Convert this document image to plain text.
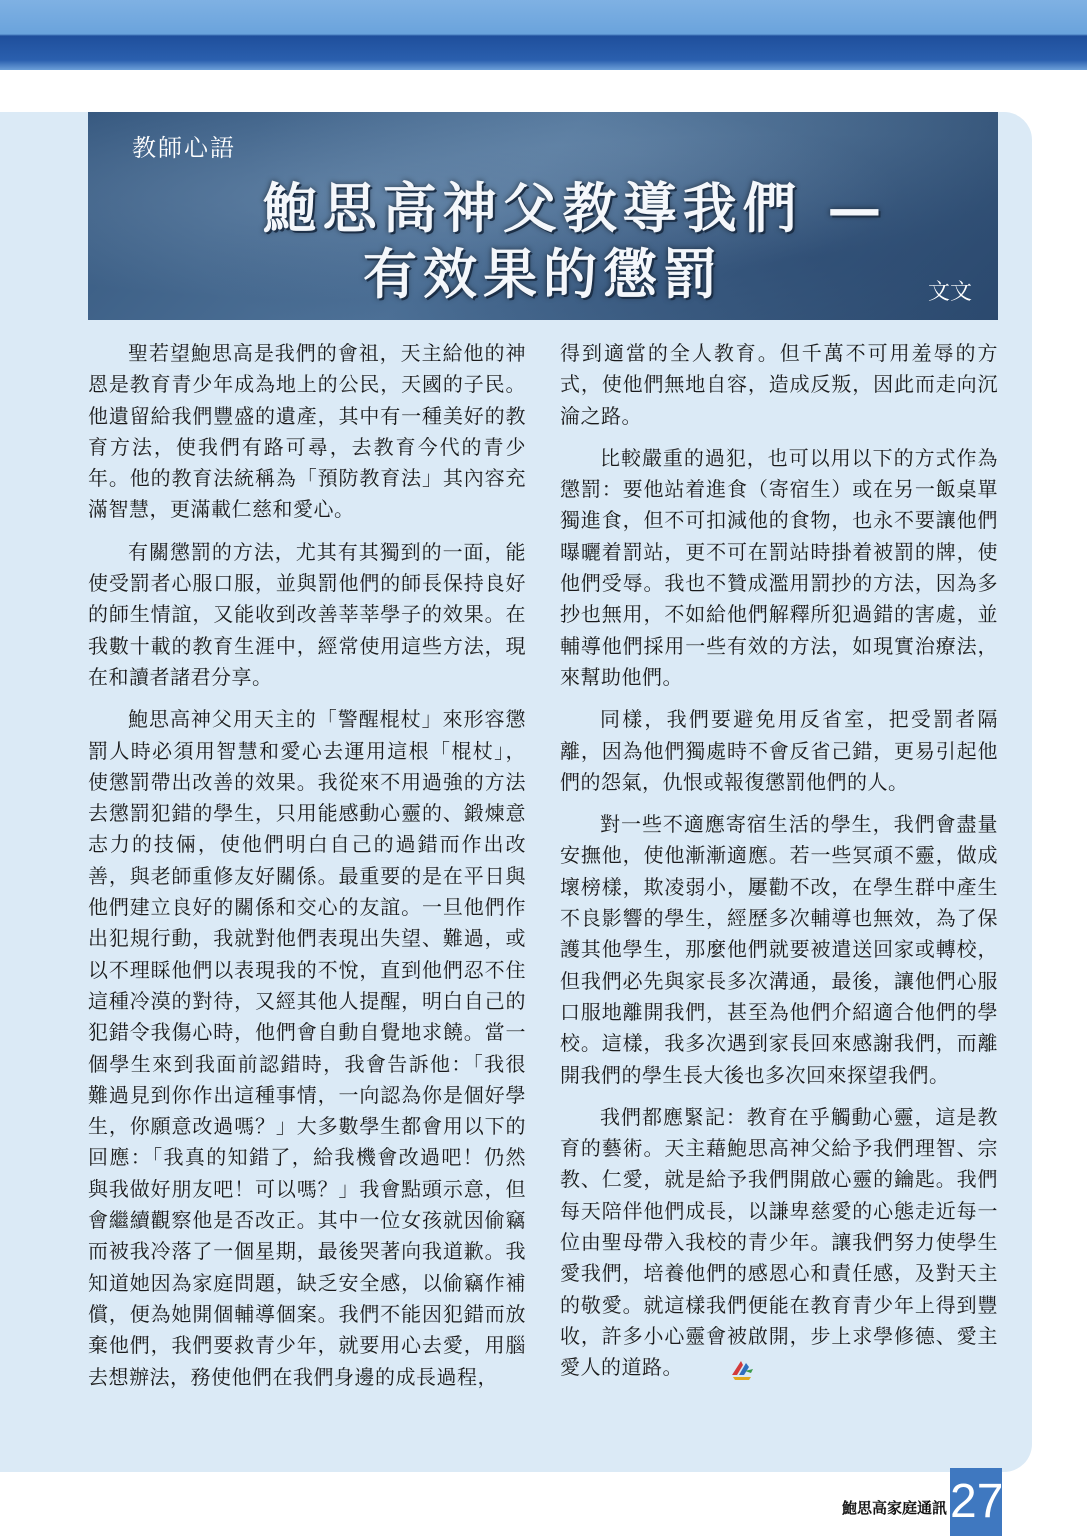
教師心語
鮑思高神父教導我們 —
有效果的懲罰	文文

聖若望鮑思高是我們的會祖，天主給他的神恩是教育青少年成為地上的公民，天國的子民。他遺留給我們豐盛的遺產，其中有一種美好的教育方法，使我們有路可尋，去教育今代的青少年。他的教育法統稱為「預防教育法」其內容充滿智慧，更滿載仁慈和愛心。

有關懲罰的方法，尤其有其獨到的一面，能使受罰者心服口服，並與罰他們的師長保持良好的師生情誼，又能收到改善莘莘學子的效果。在我數十載的教育生涯中，經常使用這些方法，現在和讀者諸君分享。

鮑思高神父用天主的「警醒棍杖」來形容懲罰人時必須用智慧和愛心去運用這根「棍杖」，使懲罰帶出改善的效果。我從來不用過強的方法去懲罰犯錯的學生，只用能感動心靈的、鍛煉意志力的技倆，使他們明白自己的過錯而作出改善，與老師重修友好關係。最重要的是在平日與他們建立良好的關係和交心的友誼。一旦他們作出犯規行動，我就對他們表現出失望、難過，或以不理睬他們以表現我的不悅，直到他們忍不住這種冷漠的對待，又經其他人提醒，明白自己的犯錯令我傷心時，他們會自動自覺地求饒。當一個學生來到我面前認錯時，我會告訴他：「我很難過見到你作出這種事情，一向認為你是個好學生，你願意改過嗎？」大多數學生都會用以下的回應：「我真的知錯了，給我機會改過吧！仍然與我做好朋友吧！可以嗎？」我會點頭示意，但會繼續觀察他是否改正。其中一位女孩就因偷竊而被我冷落了一個星期，最後哭著向我道歉。我知道她因為家庭問題，缺乏安全感，以偷竊作補償，便為她開個輔導個案。我們不能因犯錯而放棄他們，我們要救青少年，就要用心去愛，用腦去想辦法，務使他們在我們身邊的成長過程，

得到適當的全人教育。但千萬不可用羞辱的方式，使他們無地自容，造成反叛，因此而走向沉淪之路。

比較嚴重的過犯，也可以用以下的方式作為懲罰：要他站着進食（寄宿生）或在另一飯桌單獨進食，但不可扣減他的食物，也永不要讓他們曝曬着罰站，更不可在罰站時掛着被罰的牌，使他們受辱。我也不贊成濫用罰抄的方法，因為多抄也無用，不如給他們解釋所犯過錯的害處，並輔導他們採用一些有效的方法，如現實治療法，來幫助他們。

同樣，我們要避免用反省室，把受罰者隔離，因為他們獨處時不會反省己錯，更易引起他們的怨氣，仇恨或報復懲罰他們的人。

對一些不適應寄宿生活的學生，我們會盡量安撫他，使他漸漸適應。若一些冥頑不靈，做成壞榜樣，欺凌弱小，屢勸不改，在學生群中產生不良影響的學生，經歷多次輔導也無效，為了保護其他學生，那麼他們就要被遣送回家或轉校，但我們必先與家長多次溝通，最後，讓他們心服口服地離開我們，甚至為他們介紹適合他們的學校。這樣，我多次遇到家長回來感謝我們，而離開我們的學生長大後也多次回來探望我們。

我們都應緊記：教育在乎觸動心靈，這是教育的藝術。天主藉鮑思高神父給予我們理智、宗教、仁愛，就是給予我們開啟心靈的鑰匙。我們每天陪伴他們成長，以謙卑慈愛的心態走近每一位由聖母帶入我校的青少年。讓我們努力使學生愛我們，培養他們的感恩心和責任感，及對天主的敬愛。就這樣我們便能在教育青少年上得到豐收，許多小心靈會被啟開，步上求學修德、愛主愛人的道路。

鮑思高家庭通訊 27
